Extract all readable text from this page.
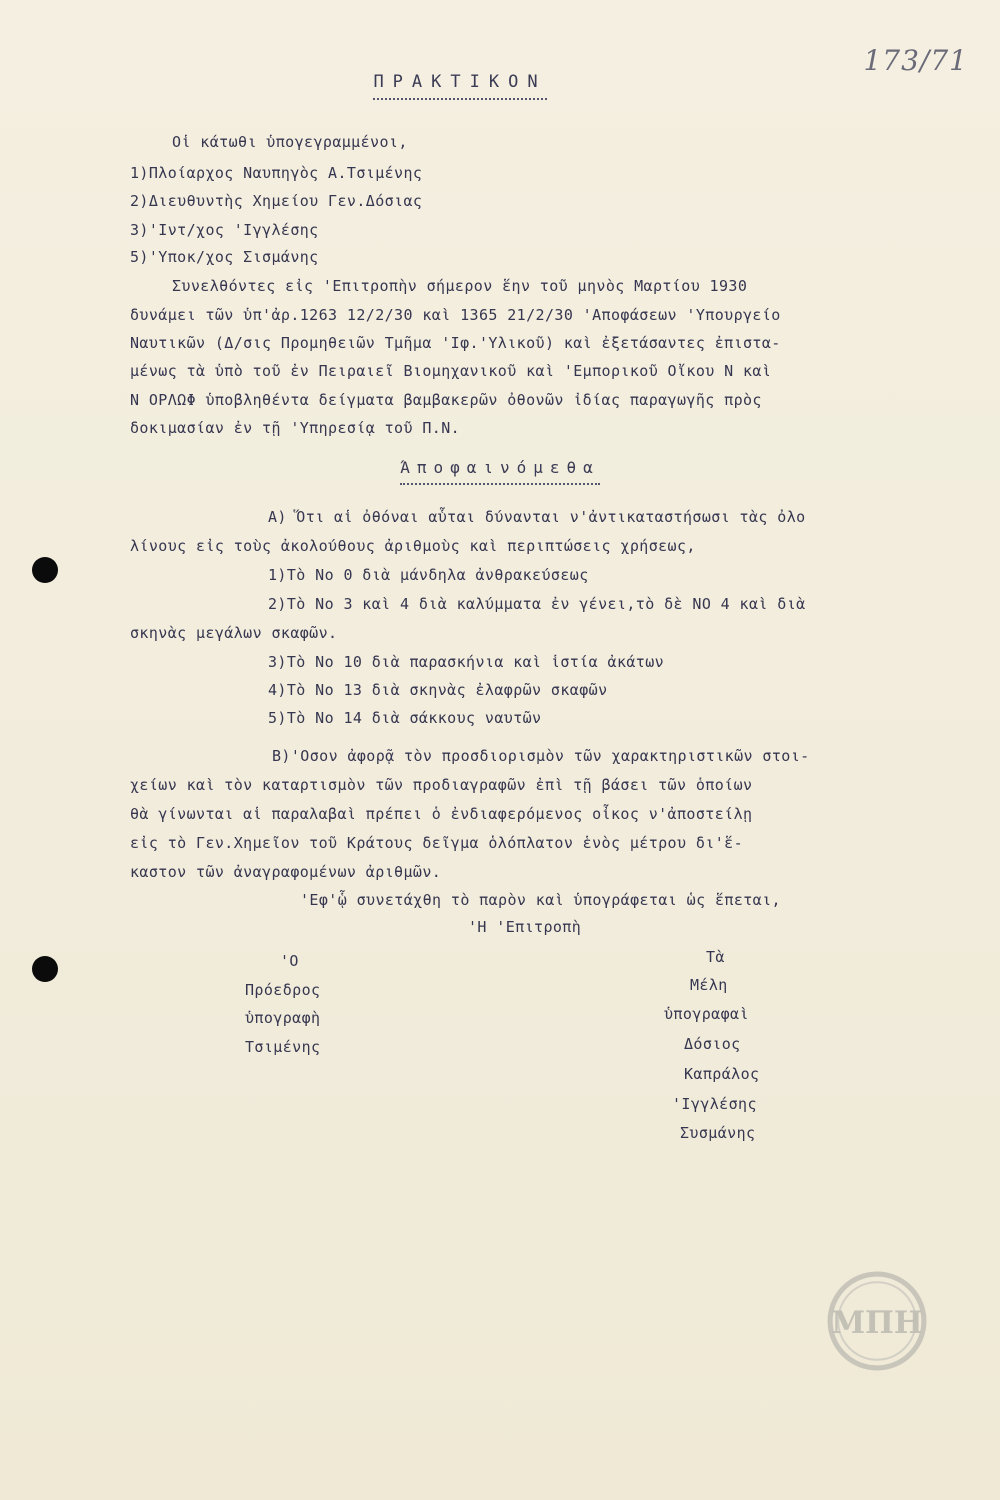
173/71
ΠΡΑΚΤΙΚΟΝ
Οἱ κάτωθι ὑπογεγραμμένοι,
1)Πλοίαρχος Ναυπηγὸς Α.Τσιμένης
2)Διευθυντὴς Χημείου Γεν.Δόσιας
3)'Ιντ/χος 'Ιγγλέσης
5)'Υποκ/χος Σισμάνης
Συνελθόντες εἰς 'Επιτροπὴν σήμερον ἕην τοῦ μηνὸς Μαρτίου 1930
δυνάμει τῶν ὑπ'ἀρ.1263 12/2/30 καὶ 1365 21/2/30 'Αποφάσεων 'Υπουργείο
Ναυτικῶν (Δ/σις Προμηθειῶν Τμῆμα 'Ιφ.'Υλικοῦ) καὶ ἐξετάσαντες ἐπιστα-
μένως τὰ ὑπὸ τοῦ ἐν Πειραιεῖ Βιομηχανικοῦ καὶ 'Εμπορικοῦ Οἴκου Ν καὶ
Ν ΟΡΛΩΦ ὑποβληθέντα δείγματα βαμβακερῶν ὀθονῶν ἰδίας παραγωγῆς πρὸς
δοκιμασίαν ἐν τῇ 'Υπηρεσίᾳ τοῦ Π.Ν.
Άποφαινόμεθα
Α) Ὅτι αἱ ὀθόναι αὗται δύνανται ν'ἀντικαταστήσωσι τὰς ὀλο
λίνους εἰς τοὺς ἀκολούθους ἀριθμοὺς καὶ περιπτώσεις χρήσεως,
1)Τὸ Νο 0 διὰ μάνδηλα ἀνθρακεύσεως
2)Τὸ Νο 3 καὶ 4 διὰ καλύμματα ἐν γένει,τὸ δὲ ΝΟ 4 καὶ διὰ
σκηνὰς μεγάλων σκαφῶν.
3)Τὸ Νο 10 διὰ παρασκήνια καὶ ἱστία ἀκάτων
4)Τὸ Νο 13 διὰ σκηνὰς ἐλαφρῶν σκαφῶν
5)Τὸ Νο 14 διὰ σάκκους ναυτῶν
Β)'Οσον ἀφορᾷ τὸν προσδιορισμὸν τῶν χαρακτηριστικῶν στοι-
χείων καὶ τὸν καταρτισμὸν τῶν προδιαγραφῶν ἐπὶ τῇ βάσει τῶν ὁποίων
θὰ γίνωνται αἱ παραλαβαὶ πρέπει ὁ ἐνδιαφερόμενος οἶκος ν'ἀποστείλῃ
εἰς τὸ Γεν.Χημεῖον τοῦ Κράτους δεῖγμα ὁλόπλατον ἑνὸς μέτρου δι'ἕ-
καστον τῶν ἀναγραφομένων ἀριθμῶν.
'Εφ'ᾧ συνετάχθη τὸ παρὸν καὶ ὑπογράφεται ὡς ἕπεται,
'Η 'Επιτροπὴ
'Ο
Πρόεδρος
ὑπογραφὴ
Τσιμένης
Τὰ
Μέλη
ὑπογραφαὶ
Δόσιος
Καπράλος
'Ιγγλέσης
Συσμάνης
ΜΠΗ
